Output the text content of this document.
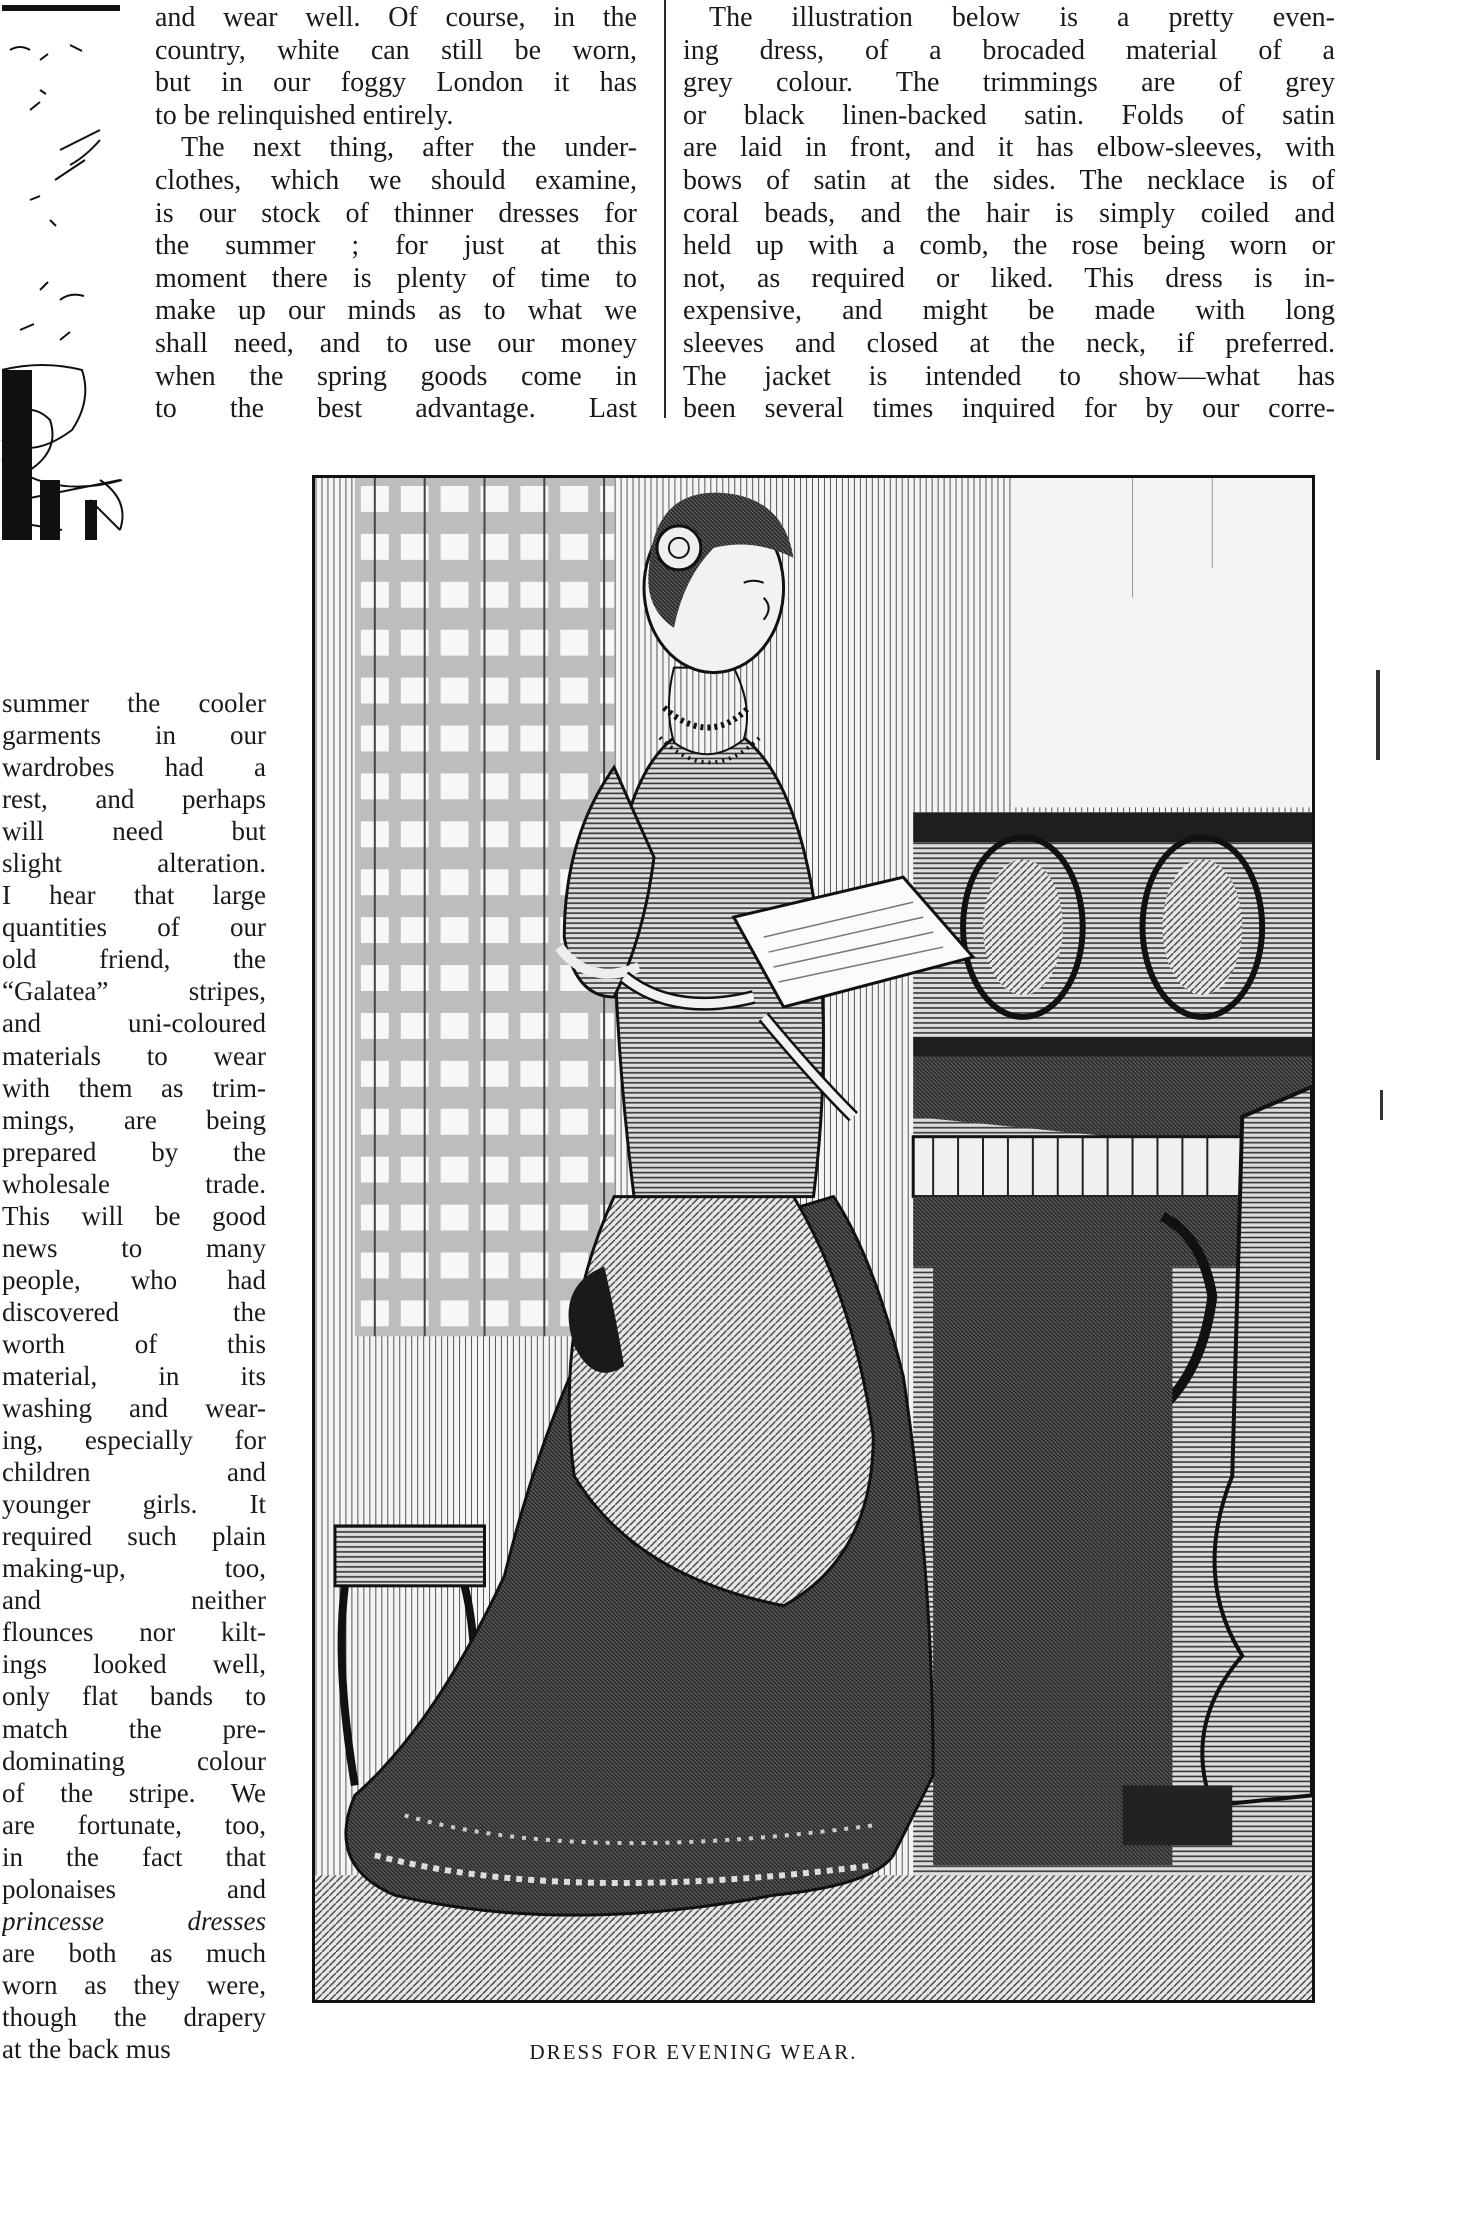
and wear well. Of course, in the
country, white can still be worn,
but in our foggy London it has
to be relinquished entirely.
The next thing, after the under-
clothes, which we should examine,
is our stock of thinner dresses for
the summer ; for just at this
moment there is plenty of time to
make up our minds as to what we
shall need, and to use our money
when the spring goods come in
to the best advantage. Last
The illustration below is a pretty even-
ing dress, of a brocaded material of a
grey colour. The trimmings are of grey
or black linen-backed satin. Folds of satin
are laid in front, and it has elbow-sleeves, with
bows of satin at the sides. The necklace is of
coral beads, and the hair is simply coiled and
held up with a comb, the rose being worn or
not, as required or liked. This dress is in-
expensive, and might be made with long
sleeves and closed at the neck, if preferred.
The jacket is intended to show—what has
been several times inquired for by our corre-
summer the cooler
garments in our
wardrobes had a
rest, and perhaps
will need but
slight alteration.
I hear that large
quantities of our
old friend, the
“Galatea” stripes,
and uni-coloured
materials to wear
with them as trim-
mings, are being
prepared by the
wholesale trade.
This will be good
news to many
people, who had
discovered the
worth of this
material, in its
washing and wear-
ing, especially for
children and
younger girls. It
required such plain
making-up, too,
and neither
flounces nor kilt-
ings looked well,
only flat bands to
match the pre-
dominating colour
of the stripe. We
are fortunate, too,
in the fact that
polonaises and
princesse dresses
are both as much
worn as they were,
though the drapery
at the back mus	DRESS FOR EVENING WEAR.
